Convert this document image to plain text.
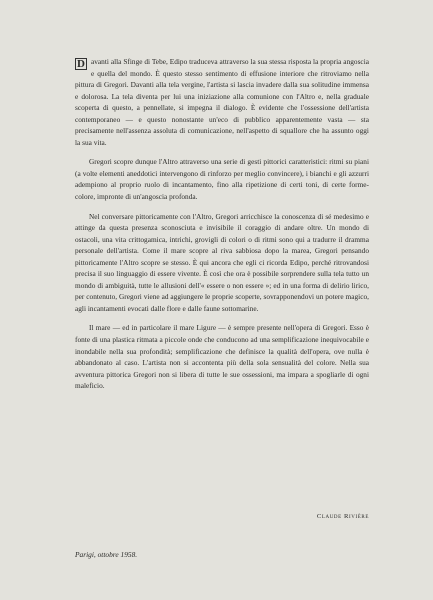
D avanti alla Sfinge di Tebe, Edipo traduceva attraverso la sua stessa risposta la propria angoscia e quella del mondo. È questo stesso sentimento di effusione interiore che ritroviamo nella pittura di Gregori. Davanti alla tela vergine, l'artista si lascia invadere dalla sua solitudine immensa e dolorosa. La tela diventa per lui una iniziazione alla comunione con l'Altro e, nella graduale scoperta di questo, a pennellate, si impegna il dialogo. È evidente che l'ossessione dell'artista contemporaneo — e questo nonostante un'eco di pubblico apparentemente vasta — sta precisamente nell'assenza assoluta di comunicazione, nell'aspetto di squallore che ha assunto oggi la sua vita.

Gregori scopre dunque l'Altro attraverso una serie di gesti pittorici caratteristici: ritmi su piani (a volte elementi aneddotici intervengono di rinforzo per meglio convincere), i bianchi e gli azzurri adempiono al proprio ruolo di incantamento, fino alla ripetizione di certi toni, di certe forme-colore, impronte di un'angoscia profonda.

Nel conversare pittoricamente con l'Altro, Gregori arricchisce la conoscenza di sé medesimo e attinge da questa presenza sconosciuta e invisibile il coraggio di andare oltre. Un mondo di ostacoli, una vita crittogamica, intrichi, grovigli di colori o di ritmi sono qui a tradurre il dramma personale dell'artista. Come il mare scopre al riva sabbiosa dopo la marea, Gregori pensando pittoricamente l'Altro scopre se stesso. È qui ancora che egli ci ricorda Edipo, perché ritrovandosi precisa il suo linguaggio di essere vivente. È così che ora è possibile sorprendere sulla tela tutto un mondo di ambiguità, tutte le allusioni dell'« essere o non essere »; ed in una forma di delirio lirico, per contenuto, Gregori viene ad aggiungere le proprie scoperte, sovrapponendovi un potere magico, agli incantamenti evocati dalle flore e dalle faune sottomarine.

Il mare — ed in particolare il mare Ligure — è sempre presente nell'opera di Gregori. Esso è fonte di una plastica ritmata a piccole onde che conducono ad una semplificazione inequivocabile e inondabile nella sua profondità; semplificazione che definisce la qualità dell'opera, ove nulla è abbandonato al caso. L'artista non si accontenta più della sola sensualità del colore. Nella sua avventura pittorica Gregori non si libera di tutte le sue ossessioni, ma impara a spogliarle di ogni maleficio.

Claude Rivière
Parigi, ottobre 1958.
